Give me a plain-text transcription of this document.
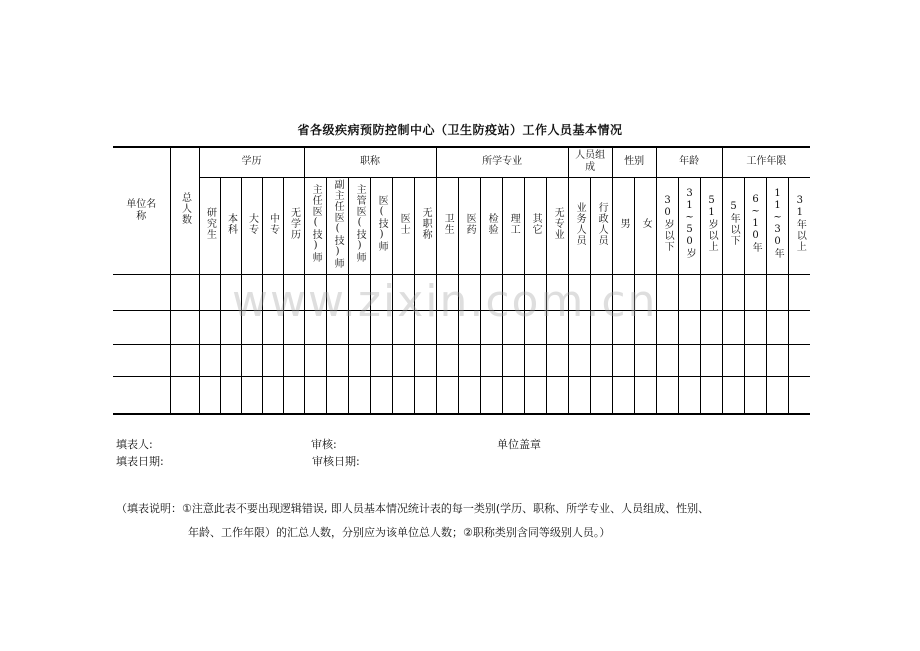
省各级疾病预防控制中心（卫生防疫站）工作人员基本情况
单位名称	总人数	学历					职称						所学专业						人员组成		性别		年龄			工作年限			
		研究生	本科	大专	中专	无学历	主任医(技)师	副主任医(技)师	主管医(技)师	医(技)师	医士	无职称	卫生	医药	检验	理工	其它	无专业	业务人员	行政人员	男	女	30岁以下	31~50岁	51岁以上	5年以下	6~10年	11~30年	31年以上

www.zixin.com.cn
填表人:	审核:	单位盖章
填表日期:	审核日期:
（填表说明：①注意此表不要出现逻辑错误, 即人员基本情况统计表的每一类别(学历、职称、所学专业、人员组成、性别、
年龄、工作年限）的汇总人数，分别应为该单位总人数；②职称类别含同等级别人员。）
